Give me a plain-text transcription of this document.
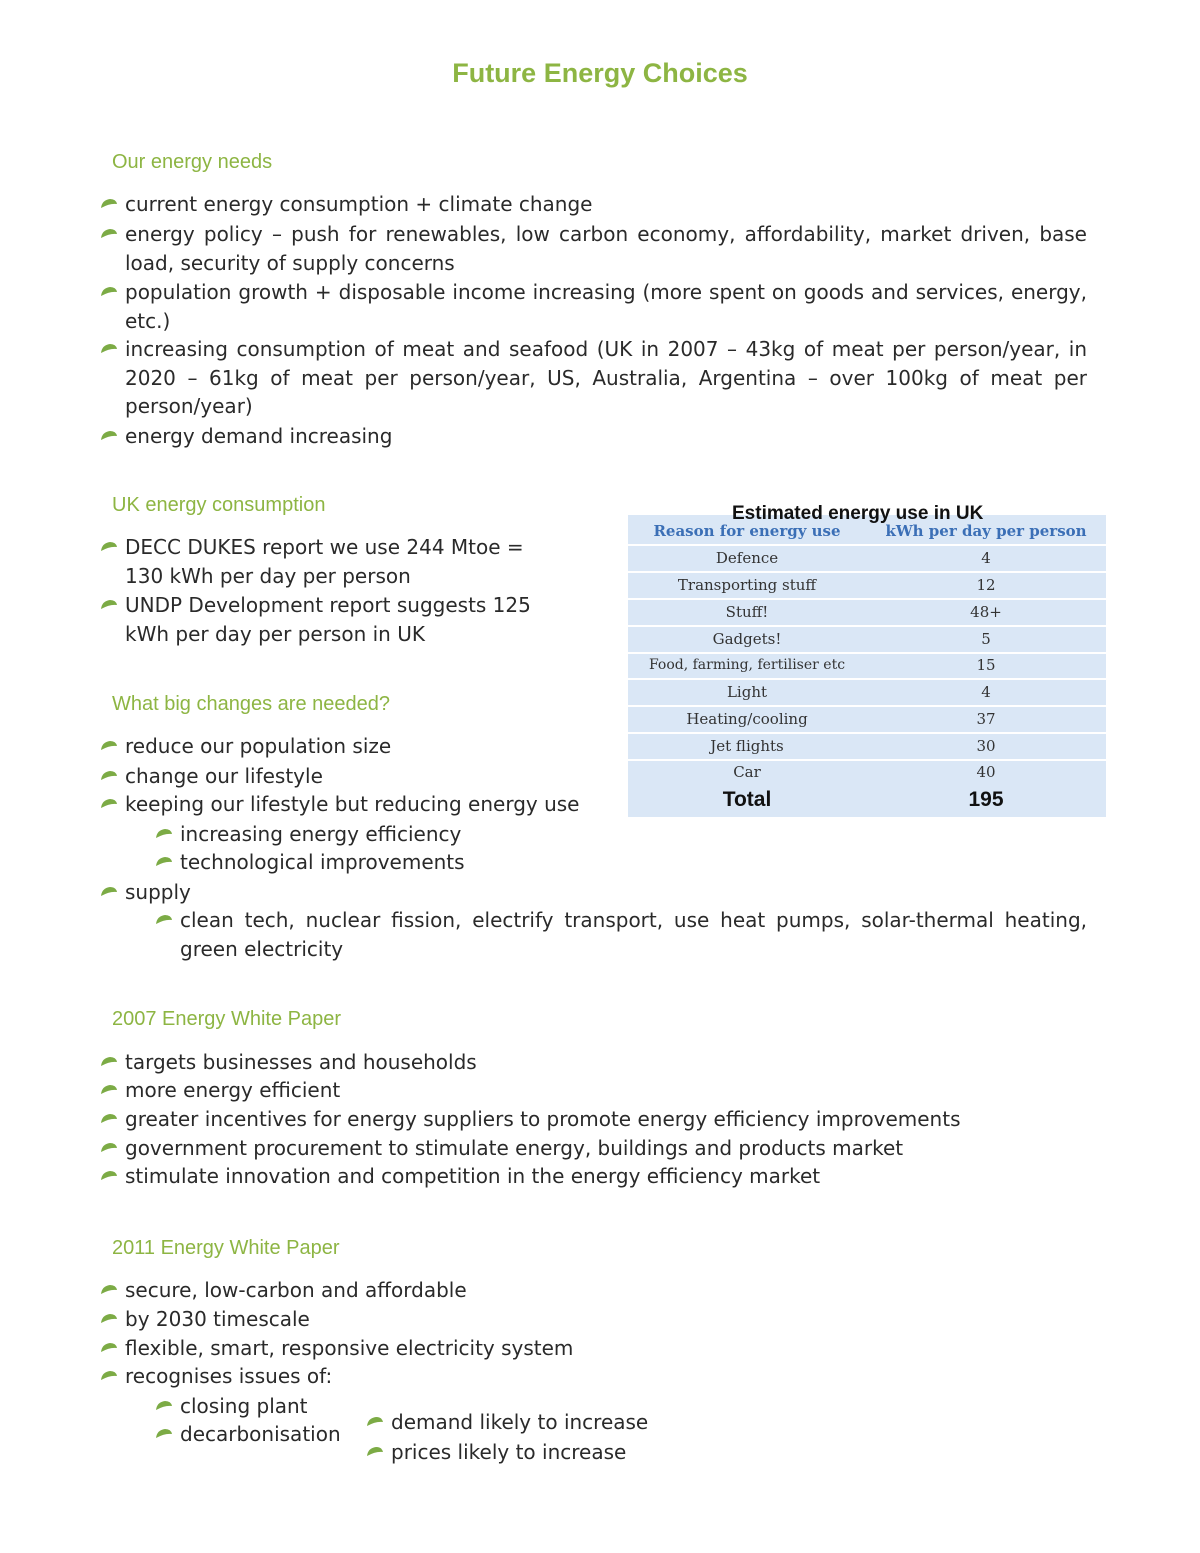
Future Energy Choices
Our energy needs

current energy consumption + climate change

energy policy – push for renewables, low carbon economy, affordability, market driven, base load, security of supply concerns

population growth + disposable income increasing (more spent on goods and services, energy, etc.)

increasing consumption of meat and seafood (UK in 2007 – 43kg of meat per person/year, in 2020 – 61kg of meat per person/year, US, Australia, Argentina – over 100kg of meat per person/year)

energy demand increasing

UK energy consumption

DECC DUKES report we use 244 Mtoe = 130 kWh per day per person

UNDP Development report suggests 125 kWh per day per person in UK

What big changes are needed?

reduce our population size

change our lifestyle

keeping our lifestyle but reducing energy use

increasing energy efficiency

technological improvements

supply

clean tech, nuclear fission, electrify transport, use heat pumps, solar-thermal heating, green electricity

Reason for energy use	kWh per day per person
Defence	4
Transporting stuff	12
Stuff!	48+
Gadgets!	5
Food, farming, fertiliser etc	15
Light	4
Heating/cooling	37
Jet flights	30
Car	40
Total	195
Estimated energy use in UK
2007 Energy White Paper

targets businesses and households

more energy efficient

greater incentives for energy suppliers to promote energy efficiency improvements

government procurement to stimulate energy, buildings and products market

stimulate innovation and competition in the energy efficiency market

2011 Energy White Paper

secure, low-carbon and affordable

by 2030 timescale

flexible, smart, responsive electricity system

recognises issues of:

closing plant

decarbonisation	demand likely to increase

prices likely to increase
